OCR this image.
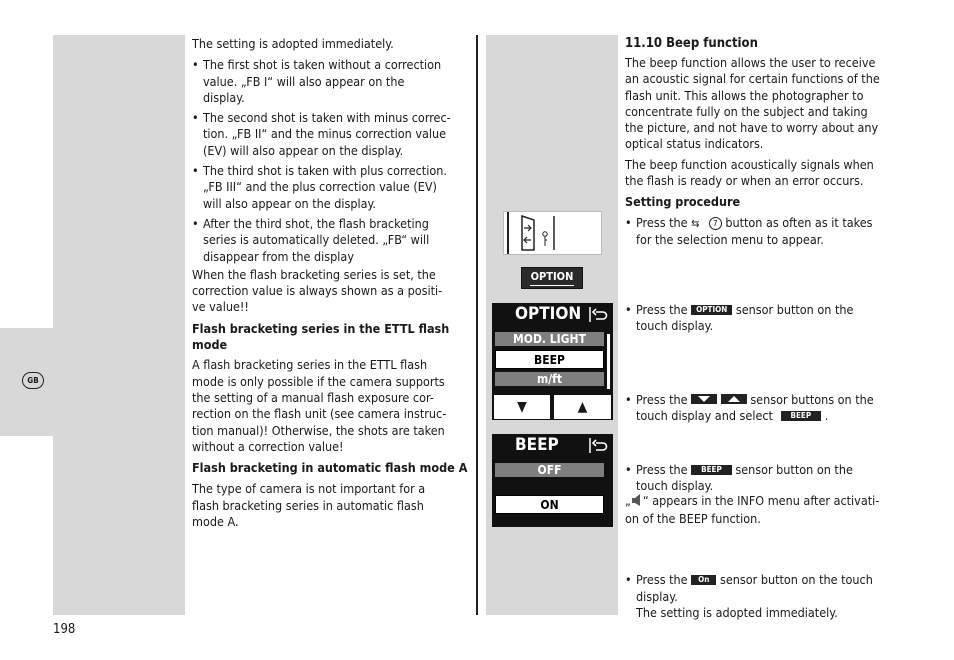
GB
198

The setting is adopted immediately.

• The first shot is taken without a correction
value. „FB I“ will also appear on the
display.
• The second shot is taken with minus correc-
tion. „FB II“ and the minus correction value
(EV) will also appear on the display.
• The third shot is taken with plus correction.
„FB III“ and the plus correction value (EV)
will also appear on the display.
• After the third shot, the flash bracketing
series is automatically deleted. „FB“ will
disappear from the display

When the flash bracketing series is set, the
correction value is always shown as a positi-
ve value!!

Flash bracketing series in the ETTL flash
mode

A flash bracketing series in the ETTL flash
mode is only possible if the camera supports
the setting of a manual flash exposure cor-
rection on the flash unit (see camera instruc-
tion manual)! Otherwise, the shots are taken
without a correction value!

Flash bracketing in automatic flash mode A

The type of camera is not important for a
flash bracketing series in automatic flash
mode A.

OPTION
OPTION
MOD. LIGHT
BEEP
m/ft
▼	▲
BEEP
OFF
ON
11.10 Beep function
The beep function allows the user to receive
an acoustic signal for certain functions of the
flash unit. This allows the photographer to
concentrate fully on the subject and taking
the picture, and not have to worry about any
optical status indicators.
The beep function acoustically signals when
the flash is ready or when an error occurs.
Setting procedure
• Press the ⇆ 7 button as often as it takes
for the selection menu to appear.
• Press the OPTION sensor button on the
touch display.
• Press the
	sensor buttons on the
touch display and select BEEP .
• Press the BEEP sensor button on the
touch display.
• Press the On sensor button on the touch
display.
The setting is adopted immediately.
„ “ appears in the INFO menu after activati-
on of the BEEP function.
